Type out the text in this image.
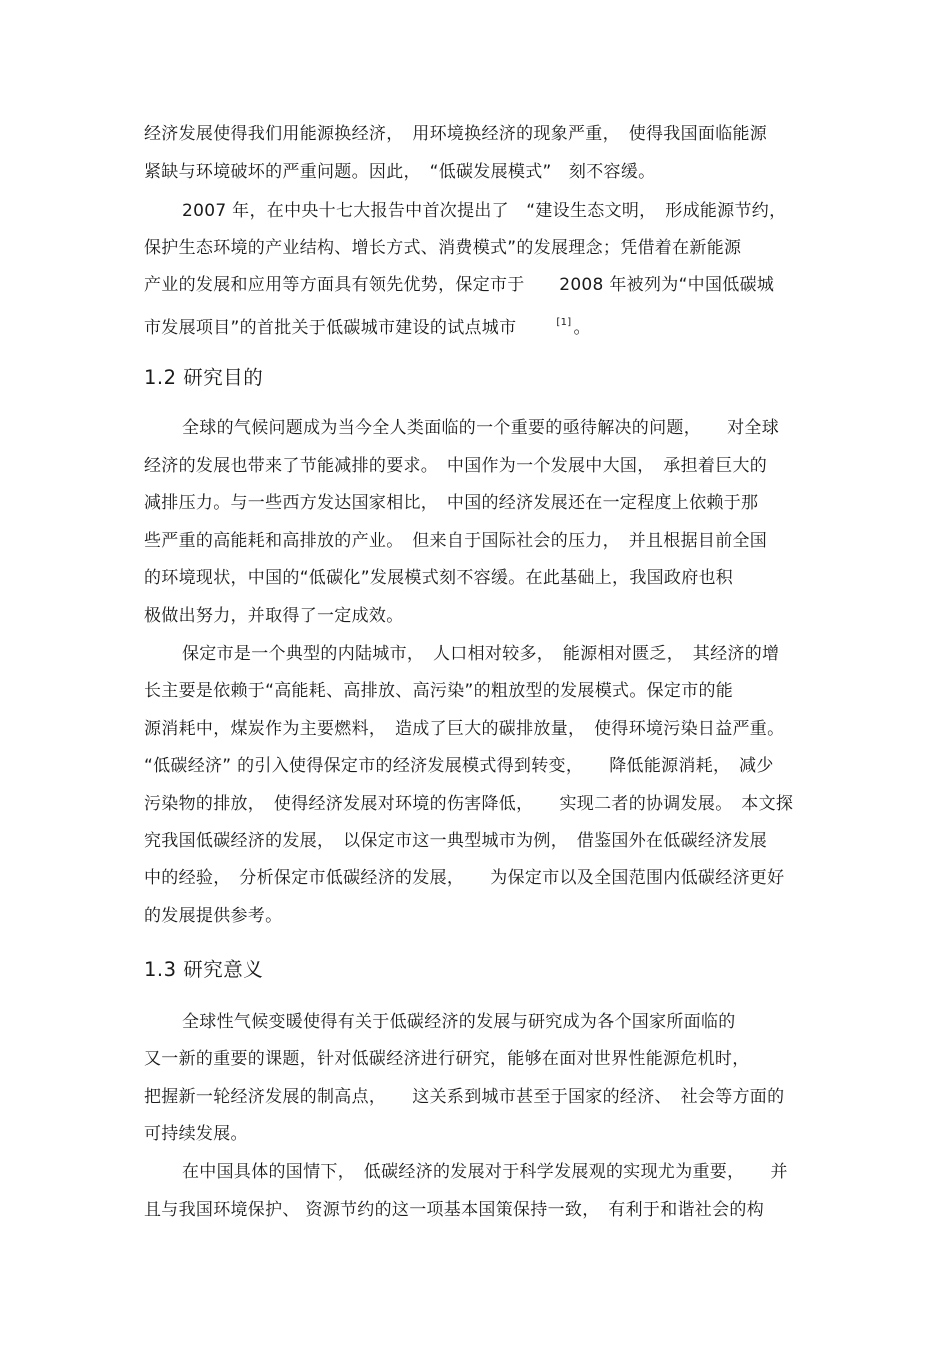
经济发展使得我们用能源换经济，　用环境换经济的现象严重，　使得我国面临能源

紧缺与环境破坏的严重问题。因此，　“低碳发展模式”　刻不容缓。

2007 年，在中央十七大报告中首次提出了　“建设生态文明，　形成能源节约，

保护生态环境的产业结构、增长方式、消费模式”的发展理念；凭借着在新能源

产业的发展和应用等方面具有领先优势，保定市于　　2008 年被列为“中国低碳城

市发展项目”的首批关于低碳城市建设的试点城市	[1] 。

1.2 研究目的

全球的气候问题成为当今全人类面临的一个重要的亟待解决的问题，　　对全球

经济的发展也带来了节能减排的要求。　中国作为一个发展中大国，　承担着巨大的

减排压力。与一些西方发达国家相比，　中国的经济发展还在一定程度上依赖于那

些严重的高能耗和高排放的产业。　但来自于国际社会的压力，　并且根据目前全国

的环境现状，中国的“低碳化”发展模式刻不容缓。在此基础上，我国政府也积

极做出努力，并取得了一定成效。

保定市是一个典型的内陆城市，　人口相对较多，　能源相对匮乏，　其经济的增

长主要是依赖于“高能耗、高排放、高污染”的粗放型的发展模式。保定市的能

源消耗中，煤炭作为主要燃料，　造成了巨大的碳排放量，　使得环境污染日益严重。

“低碳经济” 的引入使得保定市的经济发展模式得到转变，　　降低能源消耗，　减少

污染物的排放，　使得经济发展对环境的伤害降低，　　实现二者的协调发展。　本文探

究我国低碳经济的发展，　以保定市这一典型城市为例，　借鉴国外在低碳经济发展

中的经验，　分析保定市低碳经济的发展，　　为保定市以及全国范围内低碳经济更好

的发展提供参考。

1.3 研究意义

全球性气候变暖使得有关于低碳经济的发展与研究成为各个国家所面临的

又一新的重要的课题，针对低碳经济进行研究，能够在面对世界性能源危机时，

把握新一轮经济发展的制高点，　　这关系到城市甚至于国家的经济、　社会等方面的

可持续发展。

在中国具体的国情下，　低碳经济的发展对于科学发展观的实现尤为重要，　　并

且与我国环境保护、 资源节约的这一项基本国策保持一致，　有利于和谐社会的构
